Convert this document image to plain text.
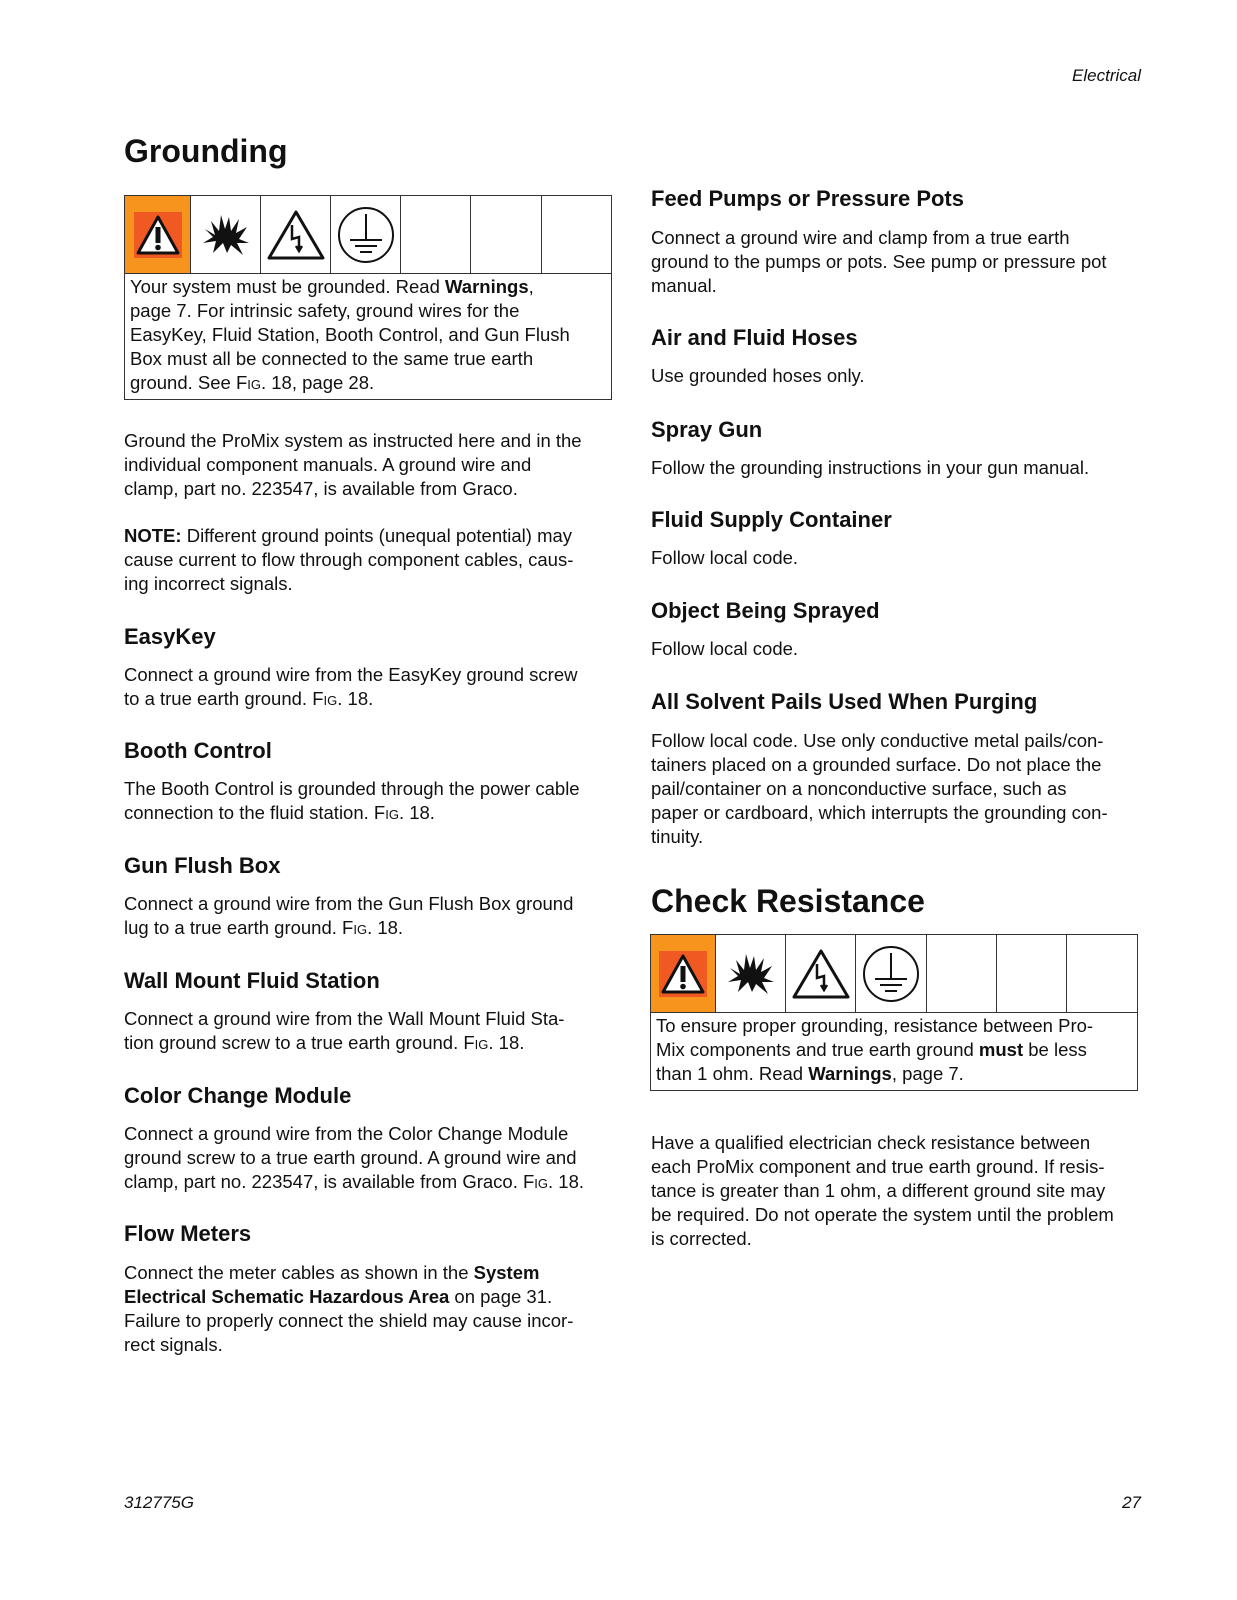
Electrical
Grounding
Your system must be grounded. Read Warnings,
page 7. For intrinsic safety, ground wires for the
EasyKey, Fluid Station, Booth Control, and Gun Flush
Box must all be connected to the same true earth
ground. See Fig. 18, page 28.
Ground the ProMix system as instructed here and in the
individual component manuals. A ground wire and
clamp, part no. 223547, is available from Graco.
NOTE: Different ground points (unequal potential) may
cause current to flow through component cables, caus-
ing incorrect signals.
EasyKey
Connect a ground wire from the EasyKey ground screw
to a true earth ground. Fig. 18.
Booth Control
The Booth Control is grounded through the power cable
connection to the fluid station. Fig. 18.
Gun Flush Box
Connect a ground wire from the Gun Flush Box ground
lug to a true earth ground. Fig. 18.
Wall Mount Fluid Station
Connect a ground wire from the Wall Mount Fluid Sta-
tion ground screw to a true earth ground. Fig. 18.
Color Change Module
Connect a ground wire from the Color Change Module
ground screw to a true earth ground. A ground wire and
clamp, part no. 223547, is available from Graco. Fig. 18.
Flow Meters
Connect the meter cables as shown in the System
Electrical Schematic Hazardous Area on page 31.
Failure to properly connect the shield may cause incor-
rect signals.
Feed Pumps or Pressure Pots
Connect a ground wire and clamp from a true earth
ground to the pumps or pots. See pump or pressure pot
manual.
Air and Fluid Hoses
Use grounded hoses only.
Spray Gun
Follow the grounding instructions in your gun manual.
Fluid Supply Container
Follow local code.
Object Being Sprayed
Follow local code.
All Solvent Pails Used When Purging
Follow local code. Use only conductive metal pails/con-
tainers placed on a grounded surface. Do not place the
pail/container on a nonconductive surface, such as
paper or cardboard, which interrupts the grounding con-
tinuity.
Check Resistance
To ensure proper grounding, resistance between Pro-
Mix components and true earth ground must be less
than 1 ohm. Read Warnings, page 7.
Have a qualified electrician check resistance between
each ProMix component and true earth ground. If resis-
tance is greater than 1 ohm, a different ground site may
be required. Do not operate the system until the problem
is corrected.
312775G	27
